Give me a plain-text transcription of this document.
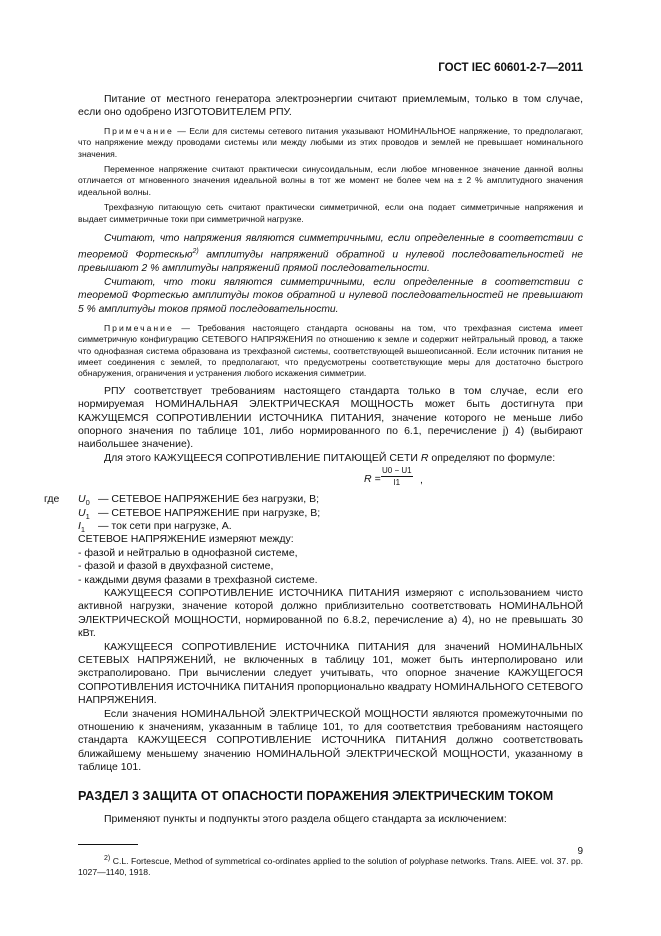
ГОСТ IEC 60601-2-7—2011

Питание от местного генератора электроэнергии считают приемлемым, только в том случае, если оно одобрено ИЗГОТОВИТЕЛЕМ РПУ.

Примечание — Если для системы сетевого питания указывают НОМИНАЛЬНОЕ напряжение, то предполагают, что напряжение между проводами системы или между любыми из этих проводов и землей не превышает номинального значения.

Переменное напряжение считают практически синусоидальным, если любое мгновенное значение данной волны отличается от мгновенного значения идеальной волны в тот же момент не более чем на ± 2 % амплитудного значения идеальной волны.

Трехфазную питающую сеть считают практически симметричной, если она подает симметричные напряжения и выдает симметричные токи при симметричной нагрузке.

Считают, что напряжения являются симметричными, если определенные в соответствии с теоремой Фортескью$^{2)}$ амплитуды напряжений обратной и нулевой последовательностей не превышают 2 % амплитуды напряжений прямой последовательности.

Считают, что токи являются симметричными, если определенные в соответствии с теоремой Фортескью амплитуды токов обратной и нулевой последовательностей не превышают 5 % амплитуды токов прямой последовательности.

Примечание — Требования настоящего стандарта основаны на том, что трехфазная система имеет симметричную конфигурацию СЕТЕВОГО НАПРЯЖЕНИЯ по отношению к земле и содержит нейтральный провод, а также что однофазная система образована из трехфазной системы, соответствующей вышеописанной. Если источник питания не имеет соединения с землей, то предполагают, что предусмотрены соответствующие меры для достаточно быстрого обнаружения, ограничения и устранения любого искажения симметрии.

РПУ соответствует требованиям настоящего стандарта только в том случае, если его нормируемая НОМИНАЛЬНАЯ ЭЛЕКТРИЧЕСКАЯ МОЩНОСТЬ может быть достигнута при КАЖУЩЕМСЯ СОПРОТИВЛЕНИИ ИСТОЧНИКА ПИТАНИЯ, значение которого не меньше либо опорного значения по таблице 101, либо нормированного по 6.1, перечисление j) 4) (выбирают наибольшее значение).

Для этого КАЖУЩЕЕСЯ СОПРОТИВЛЕНИЕ ПИТАЮЩЕЙ СЕТИ R определяют по формуле:

$R = \frac{U0 - U1}{I1}$ ,
где $U_0$ — СЕТЕВОЕ НАПРЯЖЕНИЕ без нагрузки, В;
$U_1$ — СЕТЕВОЕ НАПРЯЖЕНИЕ при нагрузке, В;
$I_1$ — ток сети при нагрузке, А.
СЕТЕВОЕ НАПРЯЖЕНИЕ измеряют между:
- фазой и нейтралью в однофазной системе,
- фазой и фазой в двухфазной системе,
- каждыми двумя фазами в трехфазной системе.

КАЖУЩЕЕСЯ СОПРОТИВЛЕНИЕ ИСТОЧНИКА ПИТАНИЯ измеряют с использованием чисто активной нагрузки, значение которой должно приблизительно соответствовать НОМИНАЛЬНОЙ ЭЛЕКТРИЧЕСКОЙ МОЩНОСТИ, нормированной по 6.8.2, перечисление а) 4), но не превышать 30 кВт.

КАЖУЩЕЕСЯ СОПРОТИВЛЕНИЕ ИСТОЧНИКА ПИТАНИЯ для значений НОМИНАЛЬНЫХ СЕТЕВЫХ НАПРЯЖЕНИЙ, не включенных в таблицу 101, может быть интерполировано или экстраполировано. При вычислении следует учитывать, что опорное значение КАЖУЩЕГОСЯ СОПРОТИВЛЕНИЯ ИСТОЧНИКА ПИТАНИЯ пропорционально квадрату НОМИНАЛЬНОГО СЕТЕВОГО НАПРЯЖЕНИЯ.

Если значения НОМИНАЛЬНОЙ ЭЛЕКТРИЧЕСКОЙ МОЩНОСТИ являются промежуточными по отношению к значениям, указанным в таблице 101, то для соответствия требованиям настоящего стандарта КАЖУЩЕЕСЯ СОПРОТИВЛЕНИЕ ИСТОЧНИКА ПИТАНИЯ должно соответствовать ближайшему меньшему значению НОМИНАЛЬНОЙ ЭЛЕКТРИЧЕСКОЙ МОЩНОСТИ, указанному в таблице 101.

РАЗДЕЛ 3 ЗАЩИТА ОТ ОПАСНОСТИ ПОРАЖЕНИЯ ЭЛЕКТРИЧЕСКИМ ТОКОМ

Применяют пункты и подпункты этого раздела общего стандарта за исключением:

$^{2)}$ C.L. Fortescue, Method of symmetrical co-ordinates applied to the solution of polyphase networks. Trans. AIEE. vol. 37. pp. 1027—1140, 1918.

9
